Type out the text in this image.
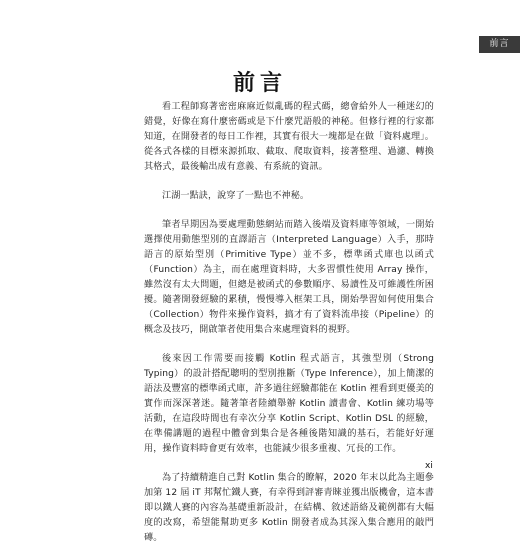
前言
前言

看工程師寫著密密麻麻近似亂碼的程式碼，總會給外人一種迷幻的錯覺，好像在寫什麼密碼或是下什麼咒語般的神秘。但修行裡的行家都知道，在開發者的每日工作裡，其實有很大一塊都是在做「資料處理」。從各式各樣的目標來源抓取、截取、爬取資料，接著整理、過濾、轉換其格式，最後輸出成有意義、有系統的資訊。

江湖一點訣，說穿了一點也不神秘。

筆者早期因為要處理動態網站而踏入後端及資料庫等領域，一開始選擇使用動態型別的直譯語言（Interpreted Language）入手，那時語言的原始型別（Primitive Type）並不多，標準函式庫也以函式（Function）為主，而在處理資料時，大多習慣性使用 Array 操作，雖然沒有太大問題，但總是被函式的參數順序、易讀性及可維護性所困擾。隨著開發經驗的累積，慢慢導入框架工具，開始學習如何使用集合（Collection）物件來操作資料，搞才有了資料流串接（Pipeline）的概念及技巧，開啟筆者使用集合來處理資料的視野。

後來因工作需要而接觸 Kotlin 程式語言，其強型別（Strong Typing）的設計搭配聰明的型別推斷（Type Inference），加上簡潔的語法及豐富的標準函式庫，許多過往經驗都能在 Kotlin 裡看到更優美的實作而深深著迷。隨著筆者陸續舉辦 Kotlin 讀書會、Kotlin 練功場等活動，在這段時間也有幸次分享 Kotlin Script、Kotlin DSL 的經驗，在準備講題的過程中體會到集合是各種後階知識的基石，若能好好運用，操作資料時會更有效率，也能減少很多重複、冗長的工作。

為了持續精進自己對 Kotlin 集合的瞭解，2020 年末以此為主題參加第 12 屆 iT 邦幫忙鐵人賽，有幸得到評審青睞並獲出版機會，這本書即以鐵人賽的內容為基礎重新設計，在結構、敘述語絡及範例都有大幅度的改寫，希望能幫助更多 Kotlin 開發者成為其深入集合應用的敲門磚。

xi
